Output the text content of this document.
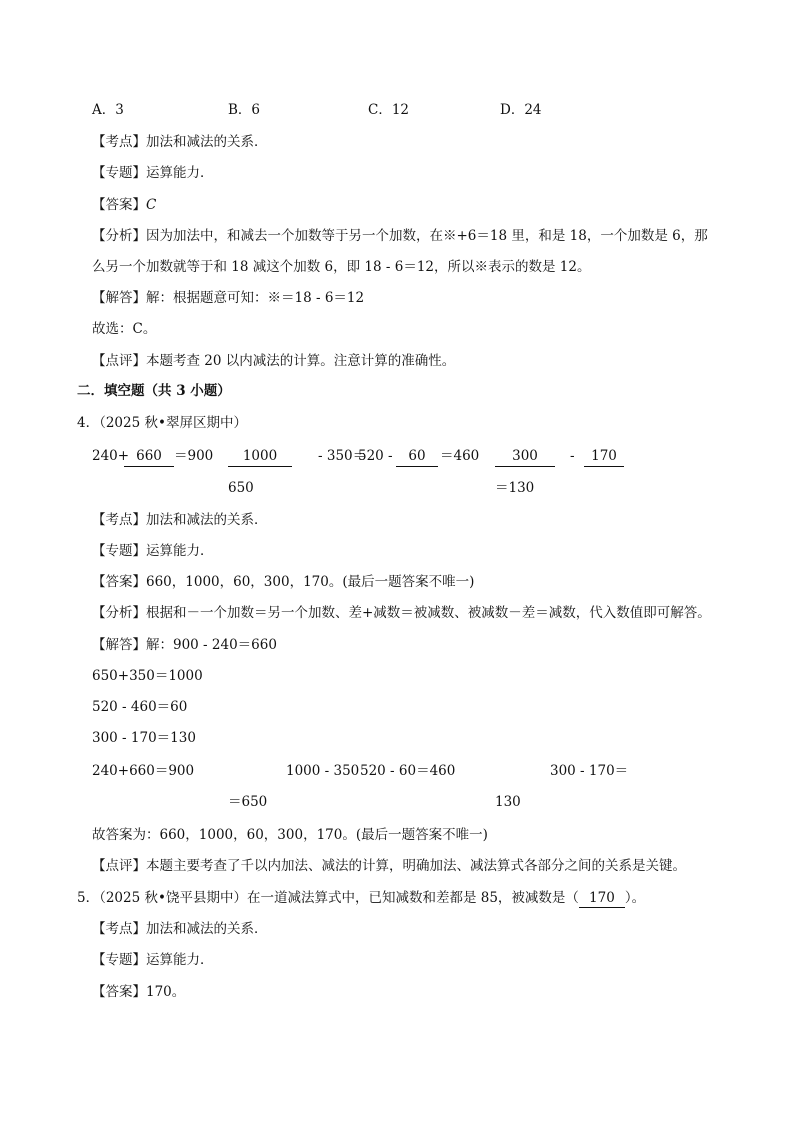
A．3	B．6	C．12	D．24
【考点】加法和减法的关系．
【专题】运算能力．
【答案】C
【分析】因为加法中，和减去一个加数等于另一个加数，在※+6＝18 里，和是 18，一个加数是 6，那
么另一个加数就等于和 18 减这个加数 6，即 18 - 6＝12，所以※表示的数是 12。
【解答】解：根据题意可知：※＝18 - 6＝12
故选：C。
【点评】本题考查 20 以内减法的计算。注意计算的准确性。
二．填空题（共 3 小题）
4．（2025 秋•翠屏区期中）
240+ 660 ＝900	1000	- 350＝
650
520 -	60	＝460	300	-	170
＝130
【考点】加法和减法的关系．
【专题】运算能力．
【答案】660，1000，60，300，170。(最后一题答案不唯一)
【分析】根据和－一个加数＝另一个加数、差+减数＝被减数、被减数－差＝减数，代入数值即可解答。
【解答】解：900 - 240＝660
650+350＝1000
520 - 460＝60
300 - 170＝130
240+660＝900	1000 - 350
＝650
520 - 60＝460	300 - 170＝
130
故答案为：660，1000，60，300，170。(最后一题答案不唯一)
【点评】本题主要考查了千以内加法、减法的计算，明确加法、减法算式各部分之间的关系是关键。
5．（2025 秋•饶平县期中）在一道减法算式中，已知减数和差都是 85，被减数是（ 170 ）。
【考点】加法和减法的关系．
【专题】运算能力．
【答案】170。
